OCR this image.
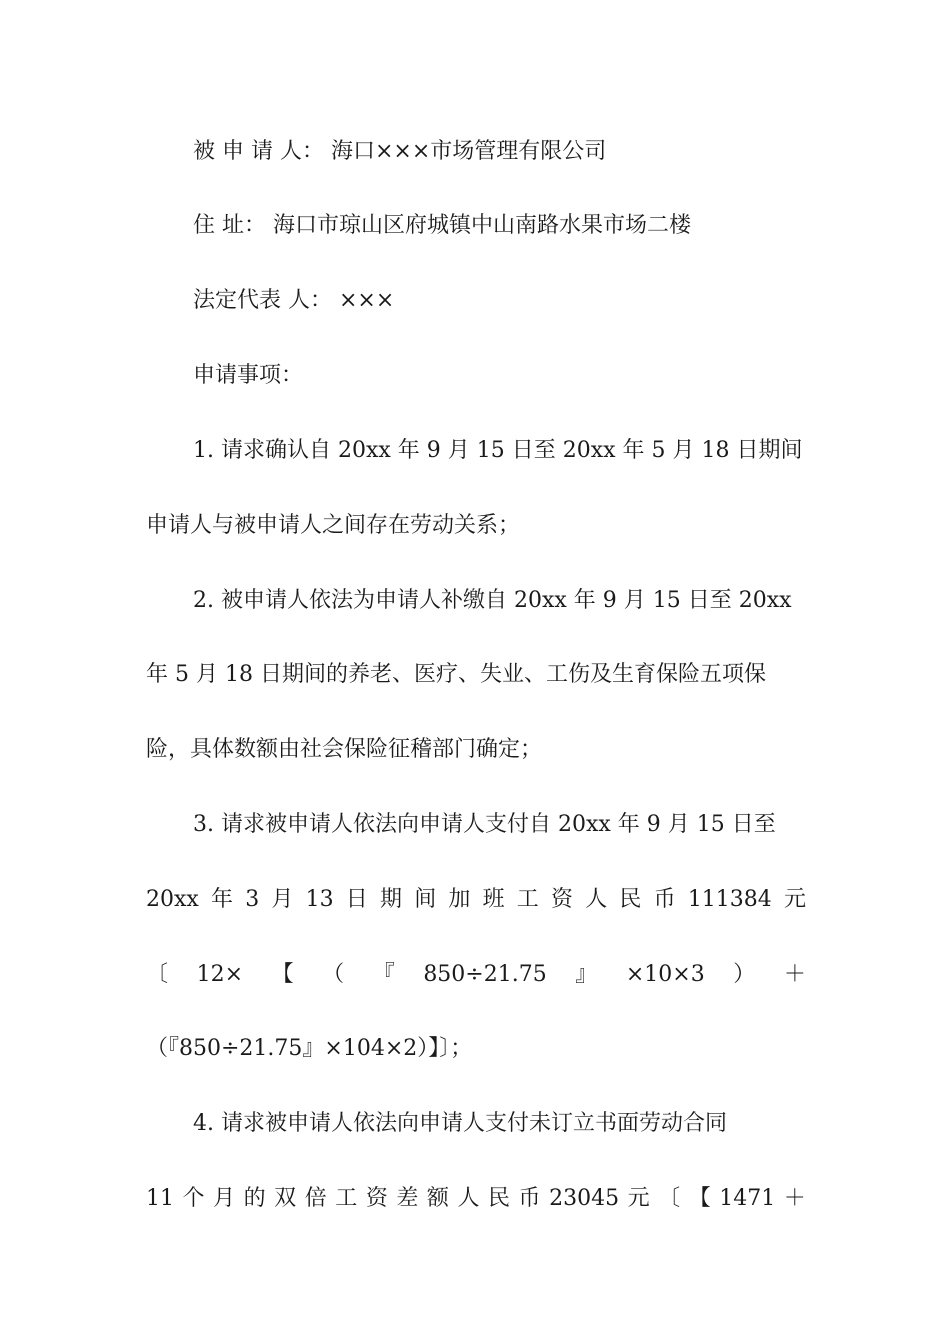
被 申 请 人： 海口×××市场管理有限公司
住 址： 海口市琼山区府城镇中山南路水果市场二楼
法定代表 人： ×××
申请事项：
1. 请求确认自 20xx 年 9 月 15 日至 20xx 年 5 月 18 日期间
申请人与被申请人之间存在劳动关系；
2. 被申请人依法为申请人补缴自 20xx 年 9 月 15 日至 20xx
年 5 月 18 日期间的养老、医疗、失业、工伤及生育保险五项保
险，具体数额由社会保险征稽部门确定；
3. 请求被申请人依法向申请人支付自 20xx 年 9 月 15 日至
20xx 年 3 月 13 日 期 间 加 班 工 资 人 民 币 111384 元
〔 12× 【 （ 『 850÷21.75 』 ×10×3 ） ＋
（『850÷21.75』×104×2）】〕；
4. 请求被申请人依法向申请人支付未订立书面劳动合同
11 个 月 的 双 倍 工 资 差 额 人 民 币 23045 元 〔 【 1471 ＋
